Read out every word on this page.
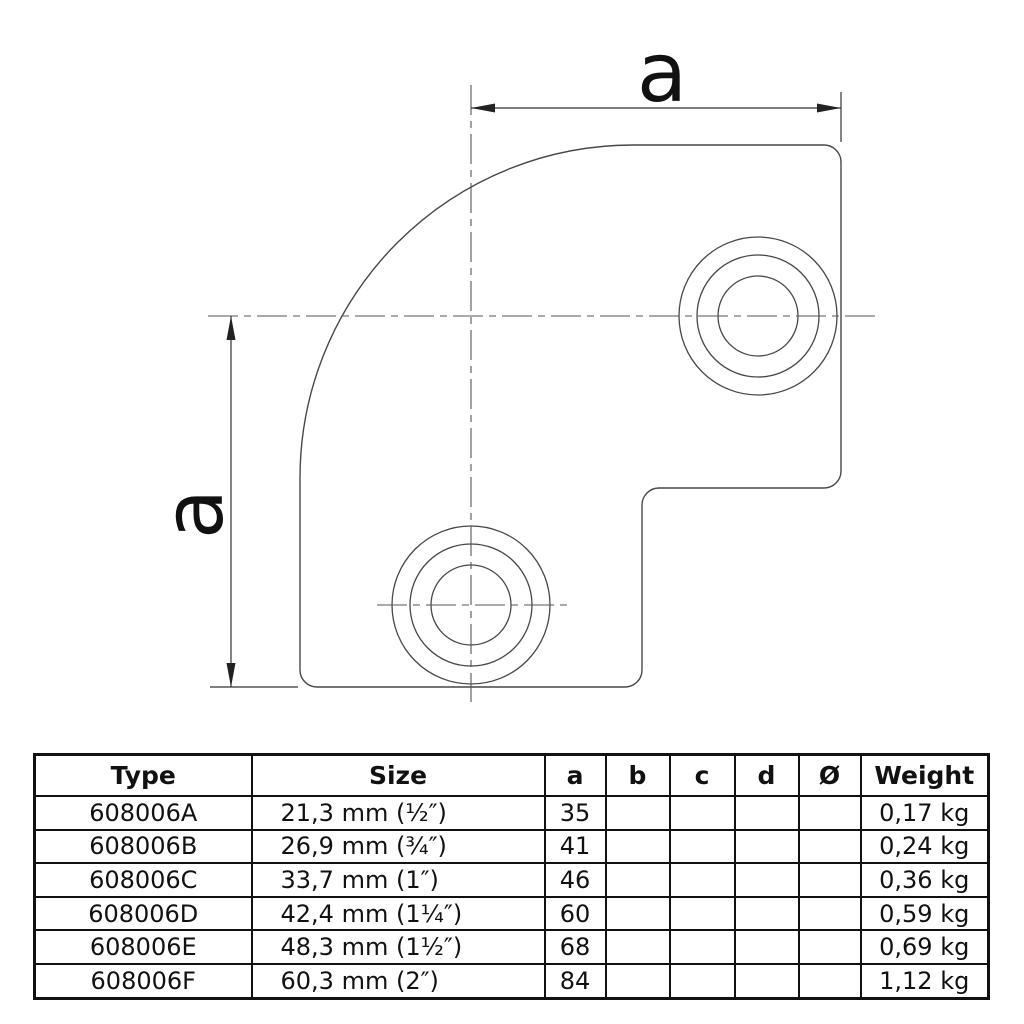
a
a
Type	Size	a	b	c	d	Ø	Weight
608006A	21,3 mm (½″)	35					0,17 kg
608006B	26,9 mm (¾″)	41					0,24 kg
608006C	33,7 mm (1″)	46					0,36 kg
608006D	42,4 mm (1¼″)	60					0,59 kg
608006E	48,3 mm (1½″)	68					0,69 kg
608006F	60,3 mm (2″)	84					1,12 kg
